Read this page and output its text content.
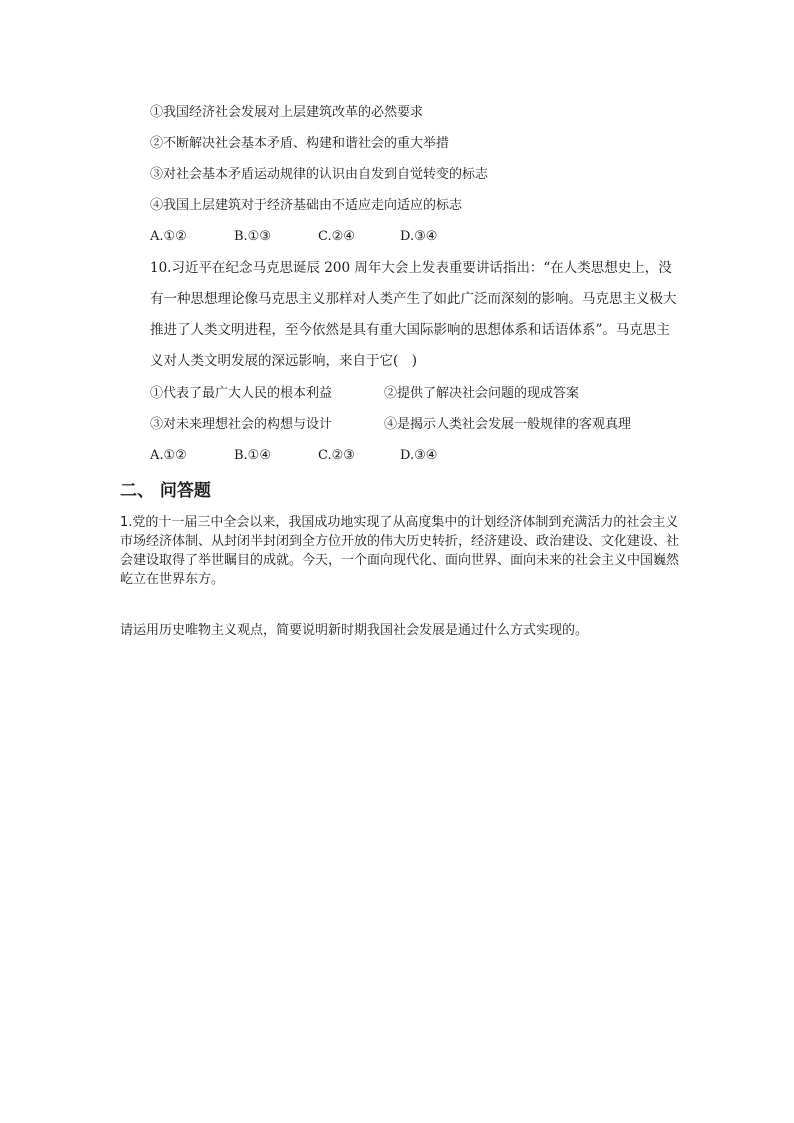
①我国经济社会发展对上层建筑改革的必然要求
②不断解决社会基本矛盾、构建和谐社会的重大举措
③对社会基本矛盾运动规律的认识由自发到自觉转变的标志
④我国上层建筑对于经济基础由不适应走向适应的标志
A.①②	B.①③	C.②④	D.③④
10.习近平在纪念马克思诞辰 200 周年大会上发表重要讲话指出：“在人类思想史上，没有一种思想理论像马克思主义那样对人类产生了如此广泛而深刻的影响。马克思主义极大推进了人类文明进程，至今依然是具有重大国际影响的思想体系和话语体系”。马克思主义对人类文明发展的深远影响，来自于它(　)
①代表了最广大人民的根本利益	②提供了解决社会问题的现成答案
③对未来理想社会的构想与设计	④是揭示人类社会发展一般规律的客观真理
A.①②	B.①④	C.②③	D.③④
二、 问答题
1.党的十一届三中全会以来，我国成功地实现了从高度集中的计划经济体制到充满活力的社会主义市场经济体制、从封闭半封闭到全方位开放的伟大历史转折，经济建设、政治建设、文化建设、社会建设取得了举世瞩目的成就。今天，一个面向现代化、面向世界、面向未来的社会主义中国巍然屹立在世界东方。
请运用历史唯物主义观点，简要说明新时期我国社会发展是通过什么方式实现的。
